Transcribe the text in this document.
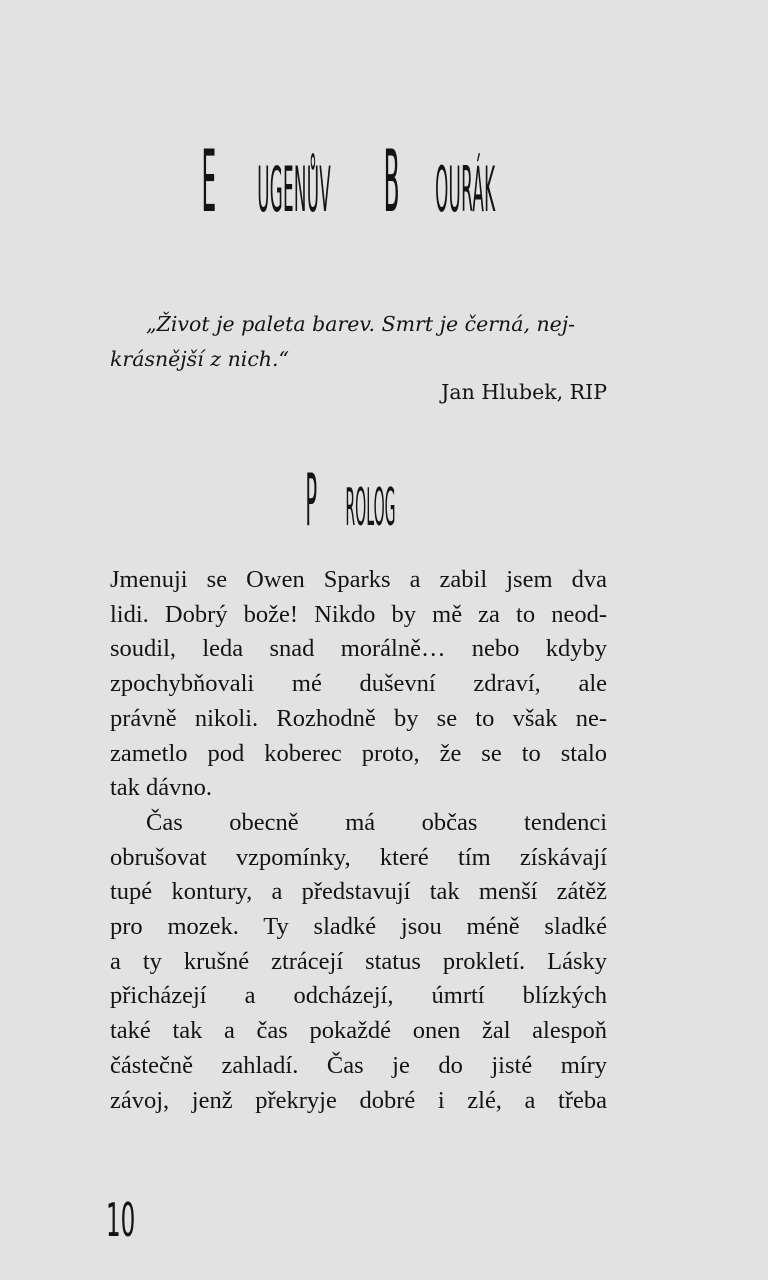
E UGENŮV B OURÁK
„Život je paleta barev. Smrt je černá, nej-
krásnější z nich.“

Jan Hlubek, RIP

P ROLOG
Jmenuji se Owen Sparks a zabil jsem dva
lidi. Dobrý bože! Nikdo by mě za to neod-
soudil, leda snad morálně… nebo kdyby
zpochybňovali mé duševní zdraví, ale
právně nikoli. Rozhodně by se to však ne-
zametlo pod koberec proto, že se to stalo
tak dávno.
Čas obecně má občas tendenci
obrušovat vzpomínky, které tím získávají
tupé kontury, a představují tak menší zátěž
pro mozek. Ty sladké jsou méně sladké
a ty krušné ztrácejí status prokletí. Lásky
přicházejí a odcházejí, úmrtí blízkých
také tak a čas pokaždé onen žal alespoň
částečně zahladí. Čas je do jisté míry
závoj, jenž překryje dobré i zlé, a třeba

10
